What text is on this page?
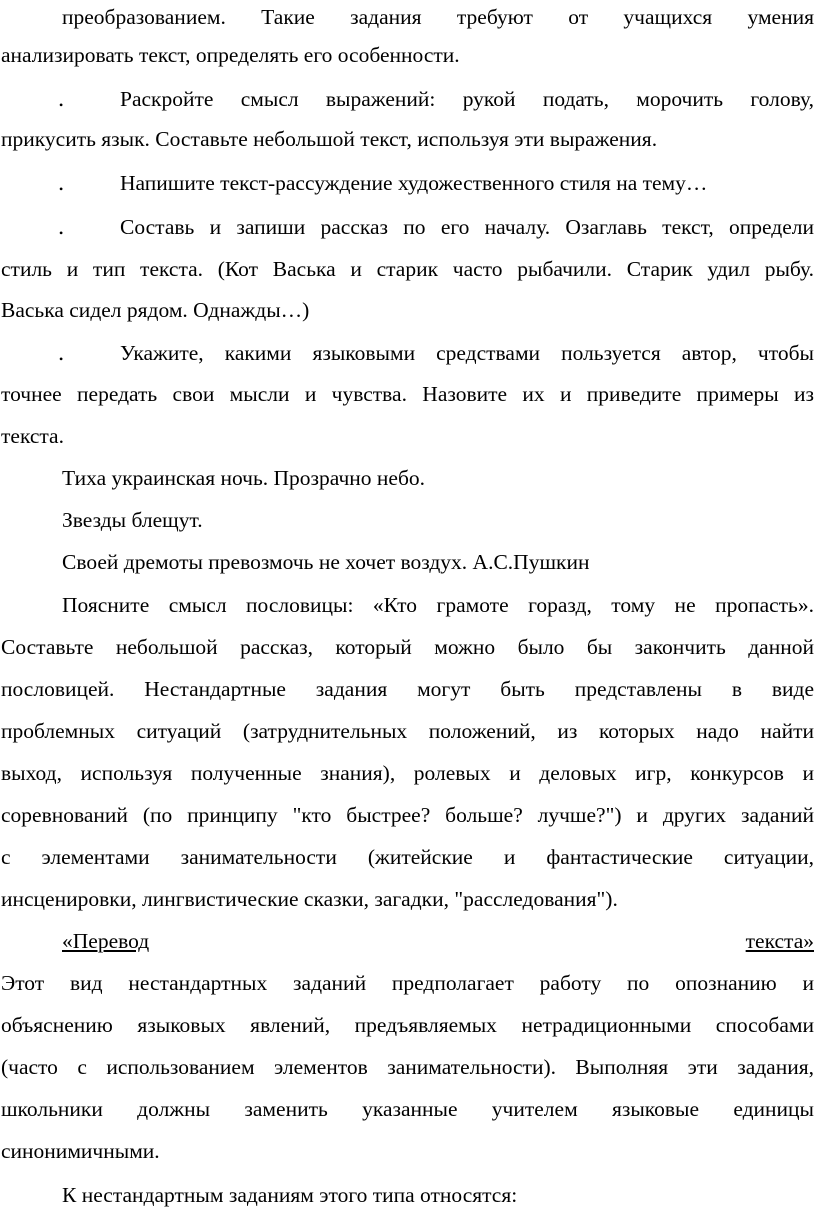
преобразованием. Такие задания требуют от учащихся умения
анализировать текст, определять его особенности.
•	Раскройте смысл выражений: рукой подать, морочить голову,
прикусить язык. Составьте небольшой текст, используя эти выражения.
•	Напишите текст-рассуждение художественного стиля на тему…
•	Составь и запиши рассказ по его началу. Озаглавь текст, определи
стиль и тип текста. (Кот Васька и старик часто рыбачили. Старик удил рыбу.
Васька сидел рядом. Однажды…)
•	Укажите, какими языковыми средствами пользуется автор, чтобы
точнее передать свои мысли и чувства. Назовите их и приведите примеры из
текста.
Тиха украинская ночь. Прозрачно небо.
Звезды блещут.
Своей дремоты превозмочь не хочет воздух. А.С.Пушкин
Поясните смысл пословицы: «Кто грамоте горазд, тому не пропасть».
Составьте небольшой рассказ, который можно было бы закончить данной
пословицей. Нестандартные задания могут быть представлены в виде
проблемных ситуаций (затруднительных положений, из которых надо найти
выход, используя полученные знания), ролевых и деловых игр, конкурсов и
соревнований (по принципу "кто быстрее? больше? лучше?") и других заданий
с элементами занимательности (житейские и фантастические ситуации,
инсценировки, лингвистические сказки, загадки, "расследования").
«Перевод	текста»
Этот вид нестандартных заданий предполагает работу по опознанию и
объяснению языковых явлений, предъявляемых нетрадиционными способами
(часто с использованием элементов занимательности). Выполняя эти задания,
школьники должны заменить указанные учителем языковые единицы
синонимичными.
К нестандартным заданиям этого типа относятся:
